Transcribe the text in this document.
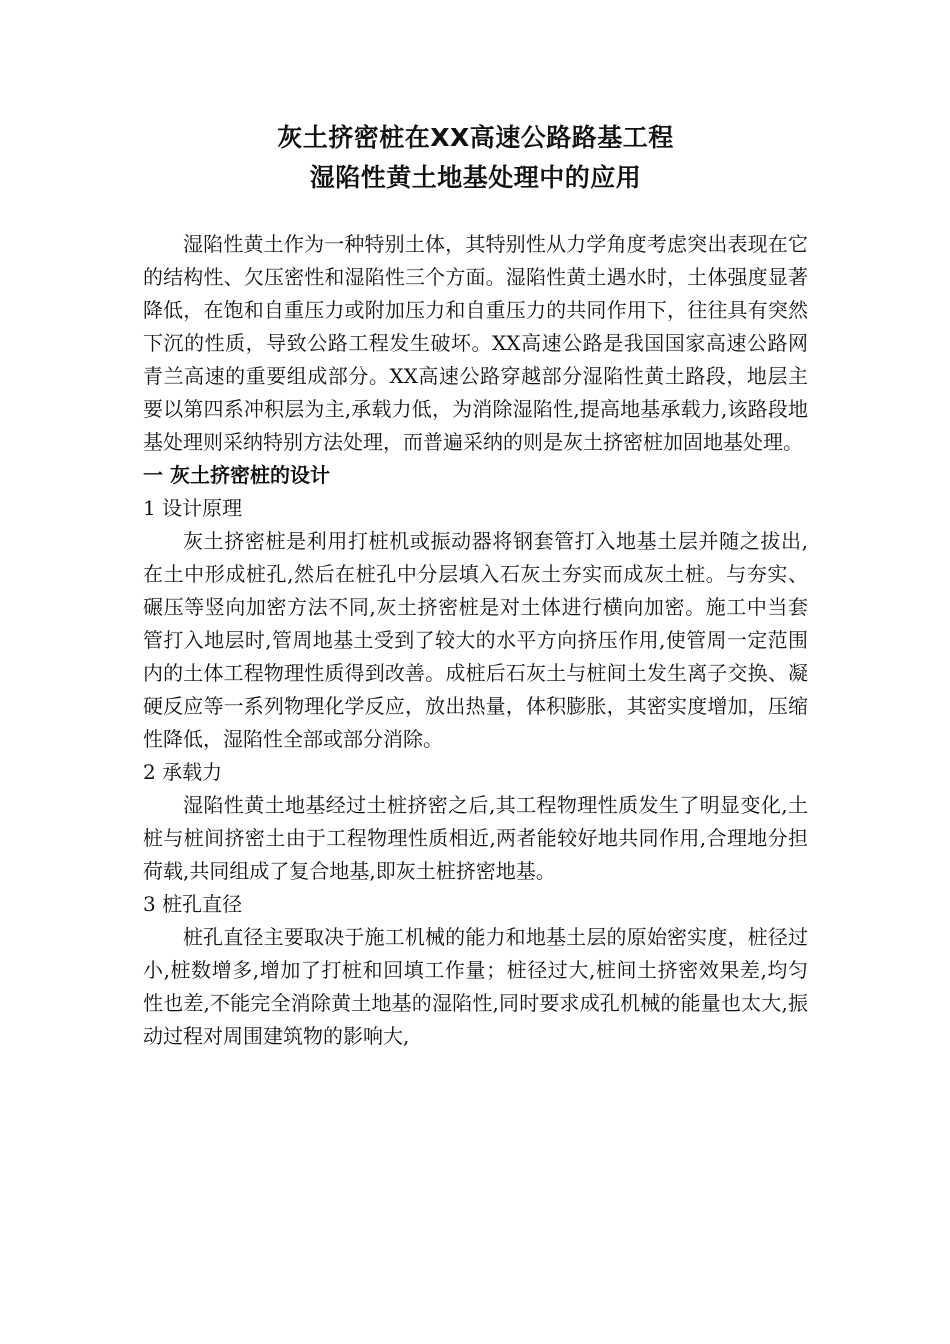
灰土挤密桩在XX高速公路路基工程
湿陷性黄土地基处理中的应用

湿陷性黄土作为一种特别土体，其特别性从力学角度考虑突出表现在它的结构性、欠压密性和湿陷性三个方面。湿陷性黄土遇水时，土体强度显著降低，在饱和自重压力或附加压力和自重压力的共同作用下，往往具有突然下沉的性质，导致公路工程发生破坏。XX高速公路是我国国家高速公路网青兰高速的重要组成部分。XX高速公路穿越部分湿陷性黄土路段，地层主要以第四系冲积层为主,承载力低，为消除湿陷性,提高地基承载力,该路段地基处理则采纳特别方法处理，而普遍采纳的则是灰土挤密桩加固地基处理。

一 灰土挤密桩的设计
1 设计原理

灰土挤密桩是利用打桩机或振动器将钢套管打入地基土层并随之拔出,在土中形成桩孔,然后在桩孔中分层填入石灰土夯实而成灰土桩。与夯实、碾压等竖向加密方法不同,灰土挤密桩是对土体进行横向加密。施工中当套管打入地层时,管周地基土受到了较大的水平方向挤压作用,使管周一定范围内的土体工程物理性质得到改善。成桩后石灰土与桩间土发生离子交换、凝硬反应等一系列物理化学反应，放出热量，体积膨胀，其密实度增加，压缩性降低，湿陷性全部或部分消除。

2 承载力

湿陷性黄土地基经过土桩挤密之后,其工程物理性质发生了明显变化,土桩与桩间挤密土由于工程物理性质相近,两者能较好地共同作用,合理地分担荷载,共同组成了复合地基,即灰土桩挤密地基。

3 桩孔直径

桩孔直径主要取决于施工机械的能力和地基土层的原始密实度，桩径过小,桩数增多,增加了打桩和回填工作量；桩径过大,桩间土挤密效果差,均匀性也差,不能完全消除黄土地基的湿陷性,同时要求成孔机械的能量也太大,振动过程对周围建筑物的影响大,
